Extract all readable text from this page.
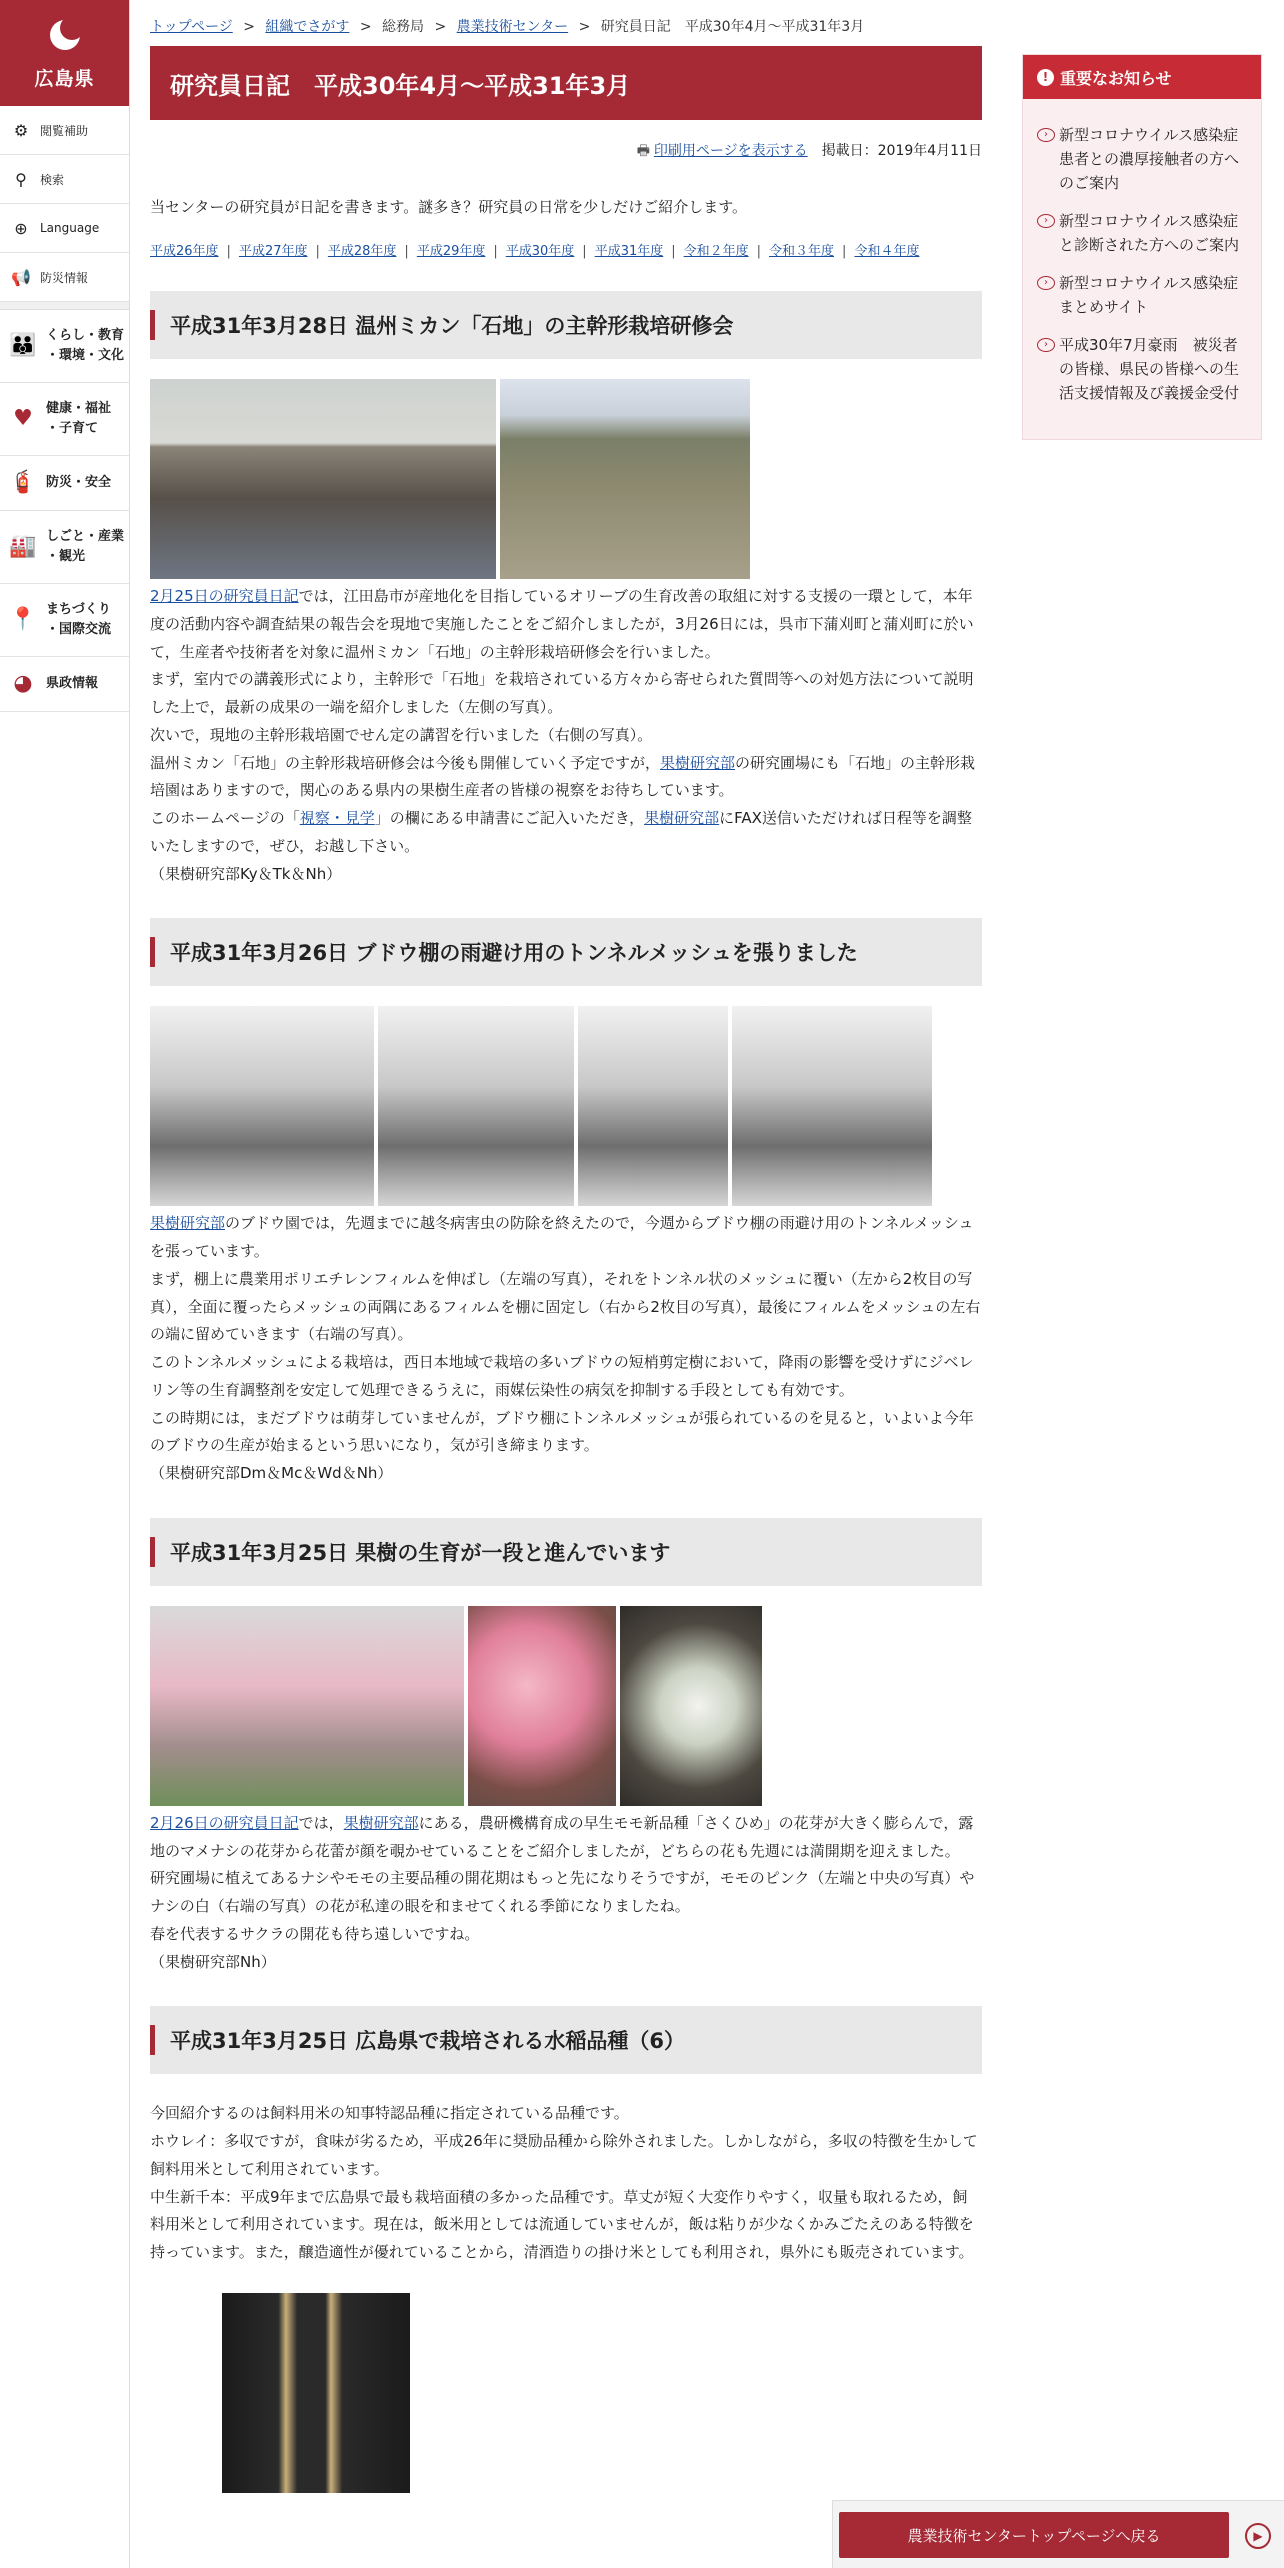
広島県
⚙ 閲覧補助
⚲	検索
⊕	Language
📢 防災情報
👪 くらし・教育
・環境・文化
♥	健康・福祉
・子育て
🧯 防災・安全

🏭 しごと・産業
・観光
📍 まちづくり
・国際交流
◕	県政情報

トップページ > 組織でさがす > 総務局 > 農業技術センター > 研究員日記　平成30年4月～平成31年3月
研究員日記　平成30年4月～平成31年3月
🖶 印刷用ページを表示する 掲載日：2019年4月11日

当センターの研究員が日記を書きます。謎多き？研究員の日常を少しだけご紹介します。

平成26年度 | 平成27年度 | 平成28年度 | 平成29年度 | 平成30年度 | 平成31年度 | 令和２年度 | 令和３年度 | 令和４年度
平成31年3月28日 温州ミカン「石地」の主幹形栽培研修会

2月25日の研究員日記では，江田島市が産地化を目指しているオリーブの生育改善の取組に対する支援の一環として，本年度の活動内容や調査結果の報告会を現地で実施したことをご紹介しましたが，3月26日には，呉市下蒲刈町と蒲刈町に於いて，生産者や技術者を対象に温州ミカン「石地」の主幹形栽培研修会を行いました。

まず，室内での講義形式により，主幹形で「石地」を栽培されている方々から寄せられた質問等への対処方法について説明した上で，最新の成果の一端を紹介しました（左側の写真）。

次いで，現地の主幹形栽培園でせん定の講習を行いました（右側の写真）。

温州ミカン「石地」の主幹形栽培研修会は今後も開催していく予定ですが，果樹研究部の研究圃場にも「石地」の主幹形栽培園はありますので，関心のある県内の果樹生産者の皆様の視察をお待ちしています。

このホームページの「視察・見学」の欄にある申請書にご記入いただき，果樹研究部にFAX送信いただければ日程等を調整いたしますので，ぜひ，お越し下さい。

（果樹研究部Ky＆Tk＆Nh）

平成31年3月26日 ブドウ棚の雨避け用のトンネルメッシュを張りました

果樹研究部のブドウ園では，先週までに越冬病害虫の防除を終えたので，今週からブドウ棚の雨避け用のトンネルメッシュを張っています。

まず，棚上に農業用ポリエチレンフィルムを伸ばし（左端の写真），それをトンネル状のメッシュに覆い（左から2枚目の写真），全面に覆ったらメッシュの両隅にあるフィルムを棚に固定し（右から2枚目の写真），最後にフィルムをメッシュの左右の端に留めていきます（右端の写真）。

このトンネルメッシュによる栽培は，西日本地域で栽培の多いブドウの短梢剪定樹において，降雨の影響を受けずにジベレリン等の生育調整剤を安定して処理できるうえに，雨媒伝染性の病気を抑制する手段としても有効です。

この時期には，まだブドウは萌芽していませんが，ブドウ棚にトンネルメッシュが張られているのを見ると，いよいよ今年のブドウの生産が始まるという思いになり，気が引き締まります。

（果樹研究部Dm＆Mc＆Wd＆Nh）

平成31年3月25日 果樹の生育が一段と進んでいます

2月26日の研究員日記では，果樹研究部にある，農研機構育成の早生モモ新品種「さくひめ」の花芽が大きく膨らんで，露地のマメナシの花芽から花蕾が顔を覗かせていることをご紹介しましたが，どちらの花も先週には満開期を迎えました。

研究圃場に植えてあるナシやモモの主要品種の開花期はもっと先になりそうですが，モモのピンク（左端と中央の写真）やナシの白（右端の写真）の花が私達の眼を和ませてくれる季節になりましたね。

春を代表するサクラの開花も待ち遠しいですね。

（果樹研究部Nh）

平成31年3月25日 広島県で栽培される水稲品種（6）

今回紹介するのは飼料用米の知事特認品種に指定されている品種です。

ホウレイ：多収ですが，食味が劣るため，平成26年に奨励品種から除外されました。しかしながら，多収の特徴を生かして飼料用米として利用されています。

中生新千本：平成9年まで広島県で最も栽培面積の多かった品種です。草丈が短く大変作りやすく，収量も取れるため，飼料用米として利用されています。現在は，飯米用としては流通していませんが，飯は粘りが少なくかみごたえのある特徴を持っています。また，醸造適性が優れていることから，清酒造りの掛け米としても利用され，県外にも販売されています。

! 重要なお知らせ
› 新型コロナウイルス感染症患者との濃厚接触者の方へのご案内
› 新型コロナウイルス感染症と診断された方へのご案内
› 新型コロナウイルス感染症 まとめサイト
› 平成30年7月豪雨　被災者の皆様、県民の皆様への生活支援情報及び義援金受付
農業技術センタートップページへ戻る	▶
